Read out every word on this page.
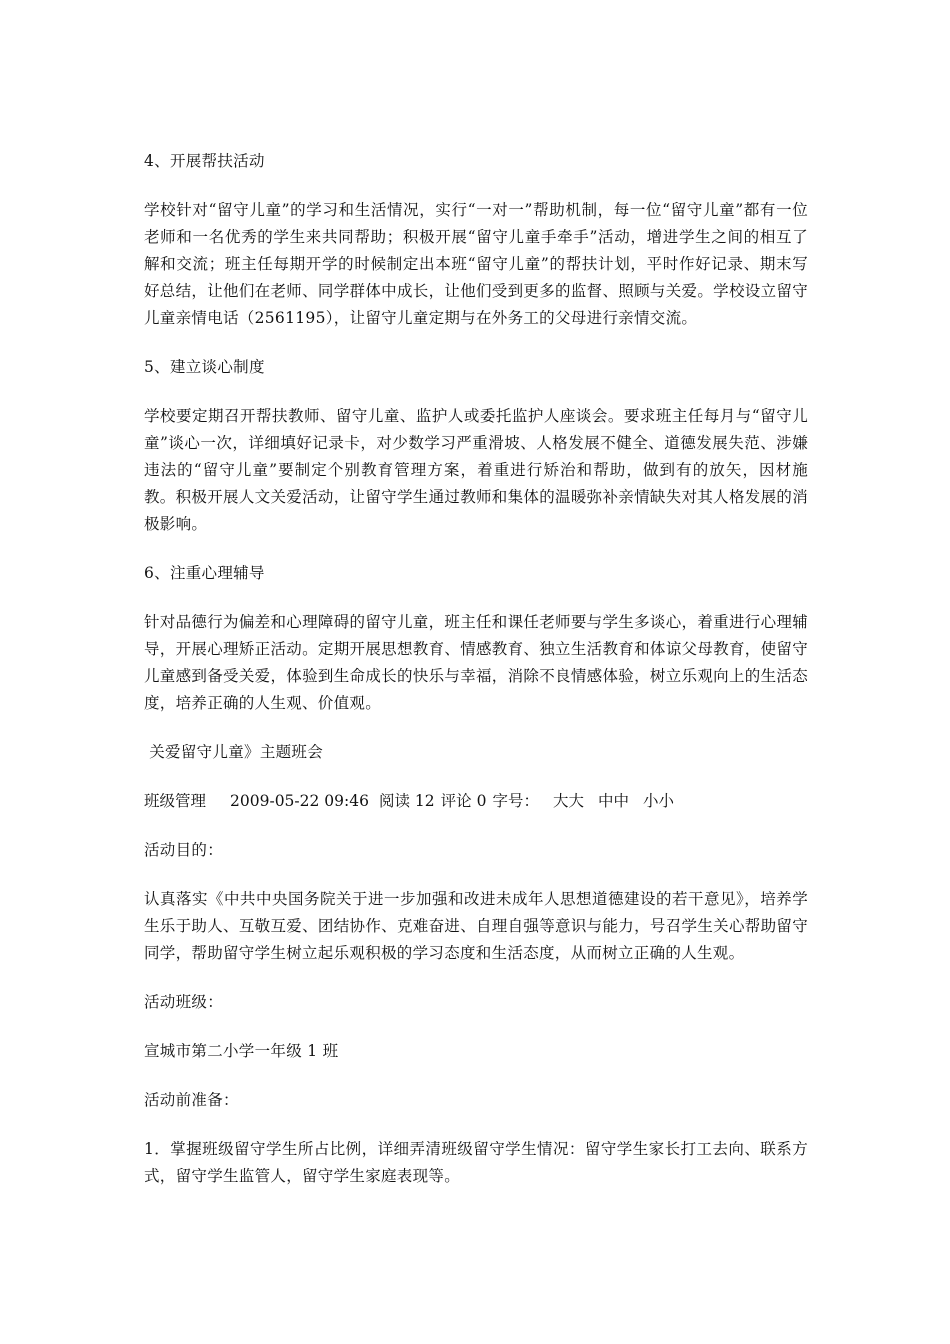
4、开展帮扶活动

学校针对“留守儿童”的学习和生活情况，实行“一对一”帮助机制，每一位“留守儿童”都有一位老师和一名优秀的学生来共同帮助；积极开展“留守儿童手牵手”活动，增进学生之间的相互了解和交流；班主任每期开学的时候制定出本班“留守儿童”的帮扶计划，平时作好记录、期末写好总结，让他们在老师、同学群体中成长，让他们受到更多的监督、照顾与关爱。学校设立留守儿童亲情电话（2561195），让留守儿童定期与在外务工的父母进行亲情交流。

5、建立谈心制度

学校要定期召开帮扶教师、留守儿童、监护人或委托监护人座谈会。要求班主任每月与“留守儿童”谈心一次，详细填好记录卡，对少数学习严重滑坡、人格发展不健全、道德发展失范、涉嫌违法的“留守儿童”要制定个别教育管理方案，着重进行矫治和帮助，做到有的放矢，因材施教。积极开展人文关爱活动，让留守学生通过教师和集体的温暖弥补亲情缺失对其人格发展的消极影响。

6、注重心理辅导

针对品德行为偏差和心理障碍的留守儿童，班主任和课任老师要与学生多谈心，着重进行心理辅导，开展心理矫正活动。定期开展思想教育、情感教育、独立生活教育和体谅父母教育，使留守儿童感到备受关爱，体验到生命成长的快乐与幸福，消除不良情感体验，树立乐观向上的生活态度，培养正确的人生观、价值观。

关爱留守儿童》主题班会

班级管理 2009-05-22 09:46 阅读 12 评论 0 字号： 大大 中中 小小

活动目的：

认真落实《中共中央国务院关于进一步加强和改进未成年人思想道德建设的若干意见》，培养学生乐于助人、互敬互爱、团结协作、克难奋进、自理自强等意识与能力，号召学生关心帮助留守同学，帮助留守学生树立起乐观积极的学习态度和生活态度，从而树立正确的人生观。

活动班级：

宣城市第二小学一年级 1 班

活动前准备：

1．掌握班级留守学生所占比例，详细弄清班级留守学生情况：留守学生家长打工去向、联系方式，留守学生监管人，留守学生家庭表现等。
